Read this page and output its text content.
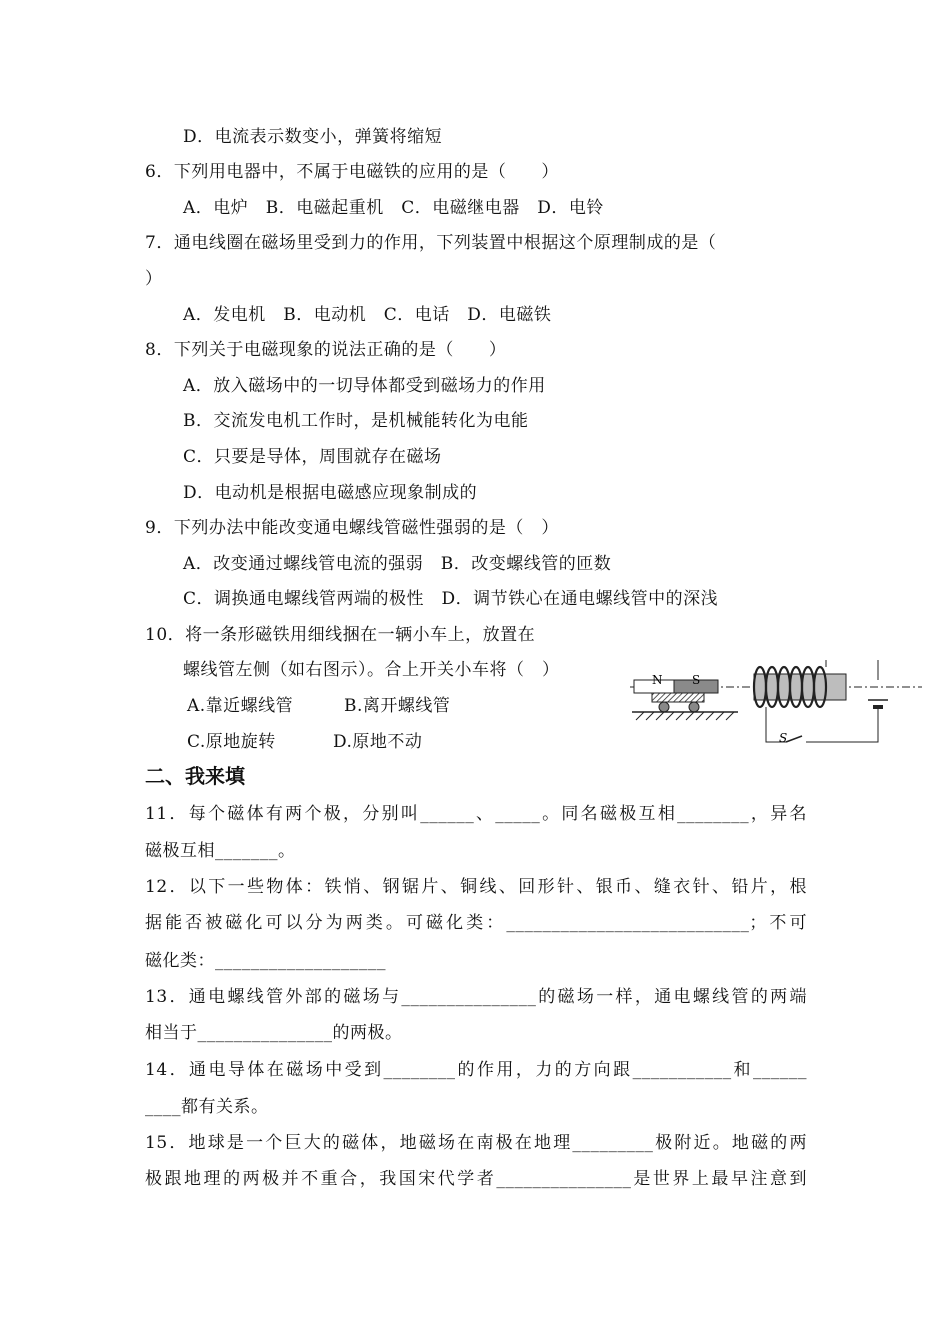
D．电流表示数变小，弹簧将缩短
6．下列用电器中，不属于电磁铁的应用的是（　　）
A．电炉　B．电磁起重机　C．电磁继电器　D．电铃
7．通电线圈在磁场里受到力的作用，下列装置中根据这个原理制成的是（
）
A．发电机　B．电动机　C．电话　D．电磁铁
8．下列关于电磁现象的说法正确的是（　　）
A．放入磁场中的一切导体都受到磁场力的作用
B．交流发电机工作时，是机械能转化为电能
C．只要是导体，周围就存在磁场
D．电动机是根据电磁感应现象制成的
9．下列办法中能改变通电螺线管磁性强弱的是（　）
A．改变通过螺线管电流的强弱　B．改变螺线管的匝数
C．调换通电螺线管两端的极性　D．调节铁心在通电螺线管中的深浅
10．将一条形磁铁用细线捆在一辆小车上，放置在
螺线管左侧（如右图示）。合上开关小车将（　）
A.靠近螺线管	B.离开螺线管
C.原地旋转	D.原地不动
N S
S
二、我来填
11．每个磁体有两个极，分别叫______、_____。同名磁极互相________，异名
磁极互相_______。
12．以下一些物体：铁悄、钢锯片、铜线、回形针、银币、缝衣针、铅片，根
据能否被磁化可以分为两类。可磁化类：___________________________；不可
磁化类：___________________
13．通电螺线管外部的磁场与_______________的磁场一样，通电螺线管的两端
相当于_______________的两极。
14．通电导体在磁场中受到________的作用，力的方向跟___________和______
____都有关系。
15．地球是一个巨大的磁体，地磁场在南极在地理_________极附近。地磁的两
极跟地理的两极并不重合，我国宋代学者_______________是世界上最早注意到
